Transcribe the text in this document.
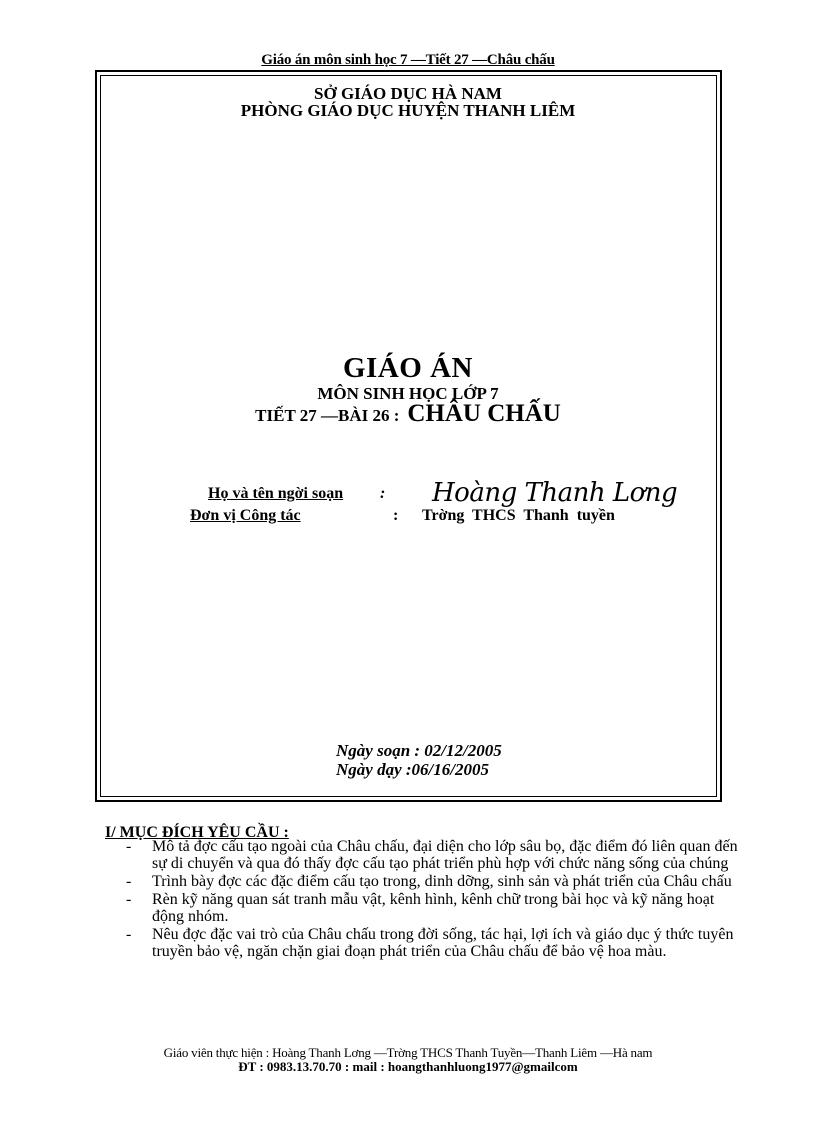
Giáo án môn sinh học 7 —Tiết 27 —Châu chấu
SỞ GIÁO DỤC HÀ NAM
PHÒNG GIÁO DỤC HUYỆN THANH LIÊM
GIÁO ÁN
MÔN SINH HỌC LỚP 7
TIẾT 27 —BÀI 26 : CHÂU CHẤU
Họ và tên ngời soạn : Hoàng Thanh Lơng
Đơn vị Công tác	: Trờng THCS Thanh tuyền
Ngày soạn : 02/12/2005
Ngày dạy :06/16/2005
I/ MỤC ĐÍCH YÊU CẦU :
- Mô tả đợc cấu tạo ngoài của Châu chấu, đại diện cho lớp sâu bọ, đặc điểm đó liên quan đến sự di chuyển và qua đó thấy đợc cấu tạo phát triển phù hợp với chức năng sống của chúng
- Trình bày đợc các đặc điểm cấu tạo trong, dinh dỡng, sinh sản và phát triển của Châu chấu
- Rèn kỹ năng quan sát tranh mẫu vật, kênh hình, kênh chữ trong bài học và kỹ năng hoạt động nhóm.
- Nêu đợc đặc vai trò của Châu chấu trong đời sống, tác hại, lợi ích và giáo dục ý thức tuyên truyền bảo vệ, ngăn chặn giai đoạn phát triển của Châu chấu để bảo vệ hoa màu.
Giáo viên thực hiện : Hoàng Thanh Lơng —Trờng THCS Thanh Tuyền—Thanh Liêm —Hà nam
ĐT : 0983.13.70.70 : mail : hoangthanhluong1977@gmailcom
